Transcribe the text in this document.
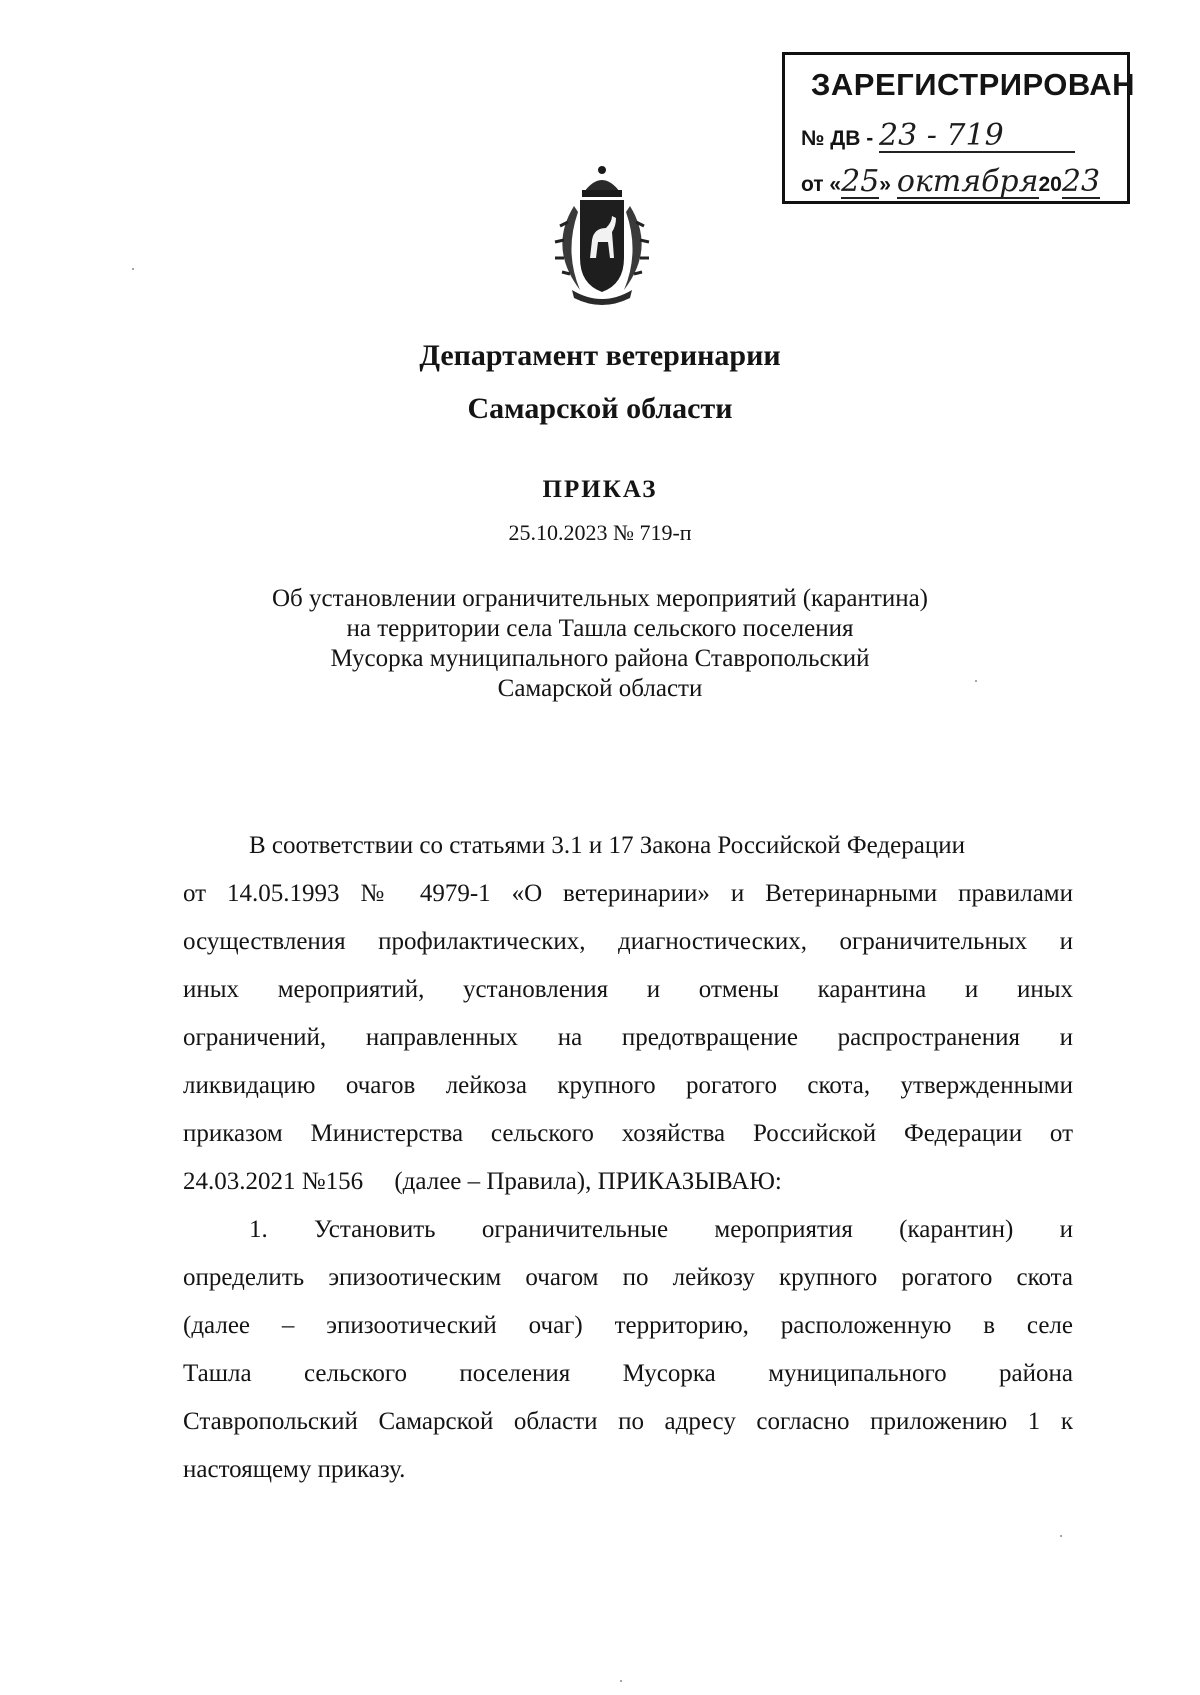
ЗАРЕГИСТРИРОВАН
№ ДВ - 23 - 719
от «25» октября2023
Департамент ветеринарии
Самарской области
ПРИКАЗ
25.10.2023 № 719-п
Об установлении ограничительных мероприятий (карантина)
на территории села Ташла сельского поселения
Мусорка муниципального района Ставропольский
Самарской области
В соответствии со статьями 3.1 и 17 Закона Российской Федерации
от 14.05.1993 № 4979-1 «О ветеринарии» и Ветеринарными правилами
осуществления профилактических, диагностических, ограничительных и
иных мероприятий, установления и отмены карантина и иных
ограничений, направленных на предотвращение распространения и
ликвидацию очагов лейкоза крупного рогатого скота, утвержденными
приказом Министерства сельского хозяйства Российской Федерации от
24.03.2021 №156     (далее – Правила), ПРИКАЗЫВАЮ:
1. Установить ограничительные мероприятия (карантин) и
определить эпизоотическим очагом по лейкозу крупного рогатого скота
(далее – эпизоотический очаг) территорию, расположенную в селе
Ташла сельского поселения Мусорка муниципального района
Ставропольский Самарской области по адресу согласно приложению 1 к
настоящему приказу.
